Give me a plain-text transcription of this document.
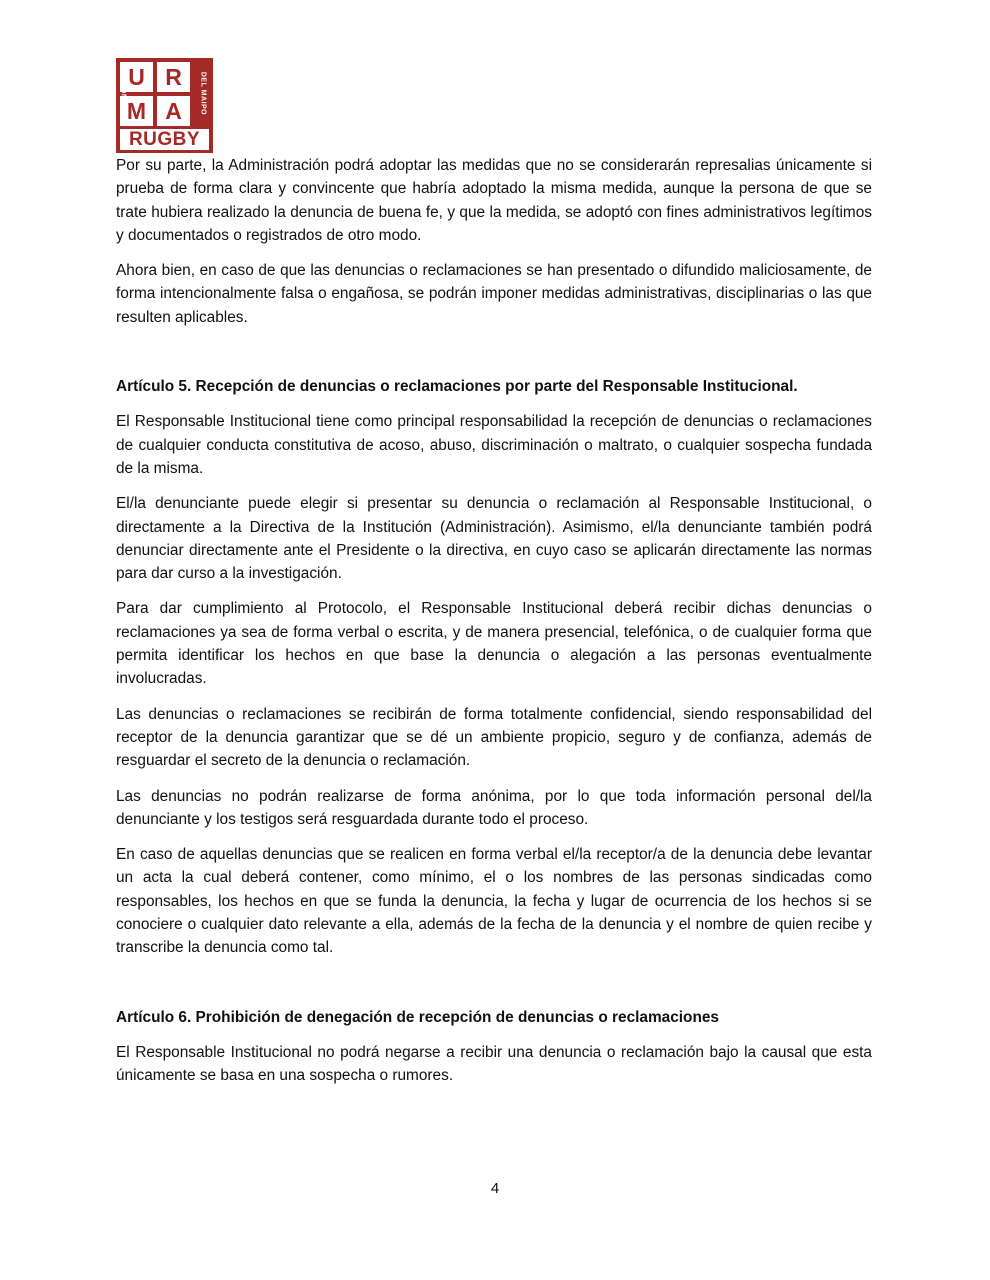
U R
M A
RUGBY
UNIÓN DE	DEL MAIPO

Por su parte, la Administración podrá adoptar las medidas que no se considerarán represalias únicamente si prueba de forma clara y convincente que habría adoptado la misma medida, aunque la persona de que se trate hubiera realizado la denuncia de buena fe, y que la medida, se adoptó con fines administrativos legítimos y documentados o registrados de otro modo.

Ahora bien, en caso de que las denuncias o reclamaciones se han presentado o difundido maliciosamente, de forma intencionalmente falsa o engañosa, se podrán imponer medidas administrativas, disciplinarias o las que resulten aplicables.

Artículo 5. Recepción de denuncias o reclamaciones por parte del Responsable Institucional.

El Responsable Institucional tiene como principal responsabilidad la recepción de denuncias o reclamaciones de cualquier conducta constitutiva de acoso, abuso, discriminación o maltrato, o cualquier sospecha fundada de la misma.

El/la denunciante puede elegir si presentar su denuncia o reclamación al Responsable Institucional, o directamente a la Directiva de la Institución (Administración). Asimismo, el/la denunciante también podrá denunciar directamente ante el Presidente o la directiva, en cuyo caso se aplicarán directamente las normas para dar curso a la investigación.

Para dar cumplimiento al Protocolo, el Responsable Institucional deberá recibir dichas denuncias o reclamaciones ya sea de forma verbal o escrita, y de manera presencial, telefónica, o de cualquier forma que permita identificar los hechos en que base la denuncia o alegación a las personas eventualmente involucradas.

Las denuncias o reclamaciones se recibirán de forma totalmente confidencial, siendo responsabilidad del receptor de la denuncia garantizar que se dé un ambiente propicio, seguro y de confianza, además de resguardar el secreto de la denuncia o reclamación.

Las denuncias no podrán realizarse de forma anónima, por lo que toda información personal del/la denunciante y los testigos será resguardada durante todo el proceso.

En caso de aquellas denuncias que se realicen en forma verbal el/la receptor/a de la denuncia debe levantar un acta la cual deberá contener, como mínimo, el o los nombres de las personas sindicadas como responsables, los hechos en que se funda la denuncia, la fecha y lugar de ocurrencia de los hechos si se conociere o cualquier dato relevante a ella, además de la fecha de la denuncia y el nombre de quien recibe y transcribe la denuncia como tal.

Artículo 6. Prohibición de denegación de recepción de denuncias o reclamaciones

El Responsable Institucional no podrá negarse a recibir una denuncia o reclamación bajo la causal que esta únicamente se basa en una sospecha o rumores.

4
